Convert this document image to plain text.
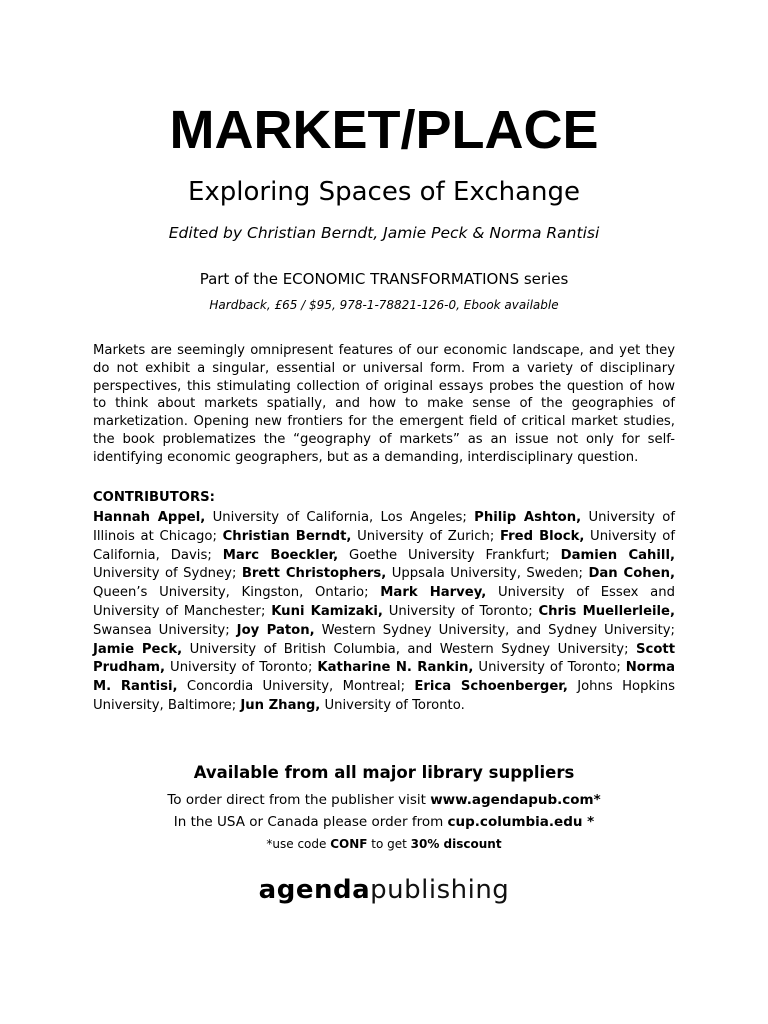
MARKET/PLACE
Exploring Spaces of Exchange
Edited by Christian Berndt, Jamie Peck & Norma Rantisi
Part of the ECONOMIC TRANSFORMATIONS series
Hardback, £65 / $95, 978-1-78821-126-0, Ebook available
Markets are seemingly omnipresent features of our economic landscape, and yet they do not exhibit a singular, essential or universal form. From a variety of disciplinary perspectives, this stimulating collection of original essays probes the question of how to think about markets spatially, and how to make sense of the geographies of marketization. Opening new frontiers for the emergent field of critical market studies, the book problematizes the “geography of markets” as an issue not only for self-identifying economic geographers, but as a demanding, interdisciplinary question.
CONTRIBUTORS:
Hannah Appel, University of California, Los Angeles; Philip Ashton, University of Illinois at Chicago; Christian Berndt, University of Zurich; Fred Block, University of California, Davis; Marc Boeckler, Goethe University Frankfurt; Damien Cahill, University of Sydney; Brett Christophers, Uppsala University, Sweden; Dan Cohen, Queen’s University, Kingston, Ontario; Mark Harvey, University of Essex and University of Manchester; Kuni Kamizaki, University of Toronto; Chris Muellerleile, Swansea University; Joy Paton, Western Sydney University, and Sydney University; Jamie Peck, University of British Columbia, and Western Sydney University; Scott Prudham, University of Toronto; Katharine N. Rankin, University of Toronto; Norma M. Rantisi, Concordia University, Montreal; Erica Schoenberger, Johns Hopkins University, Baltimore; Jun Zhang, University of Toronto.
Available from all major library suppliers
To order direct from the publisher visit www.agendapub.com*
In the USA or Canada please order from cup.columbia.edu *
*use code CONF to get 30% discount
agendapublishing
